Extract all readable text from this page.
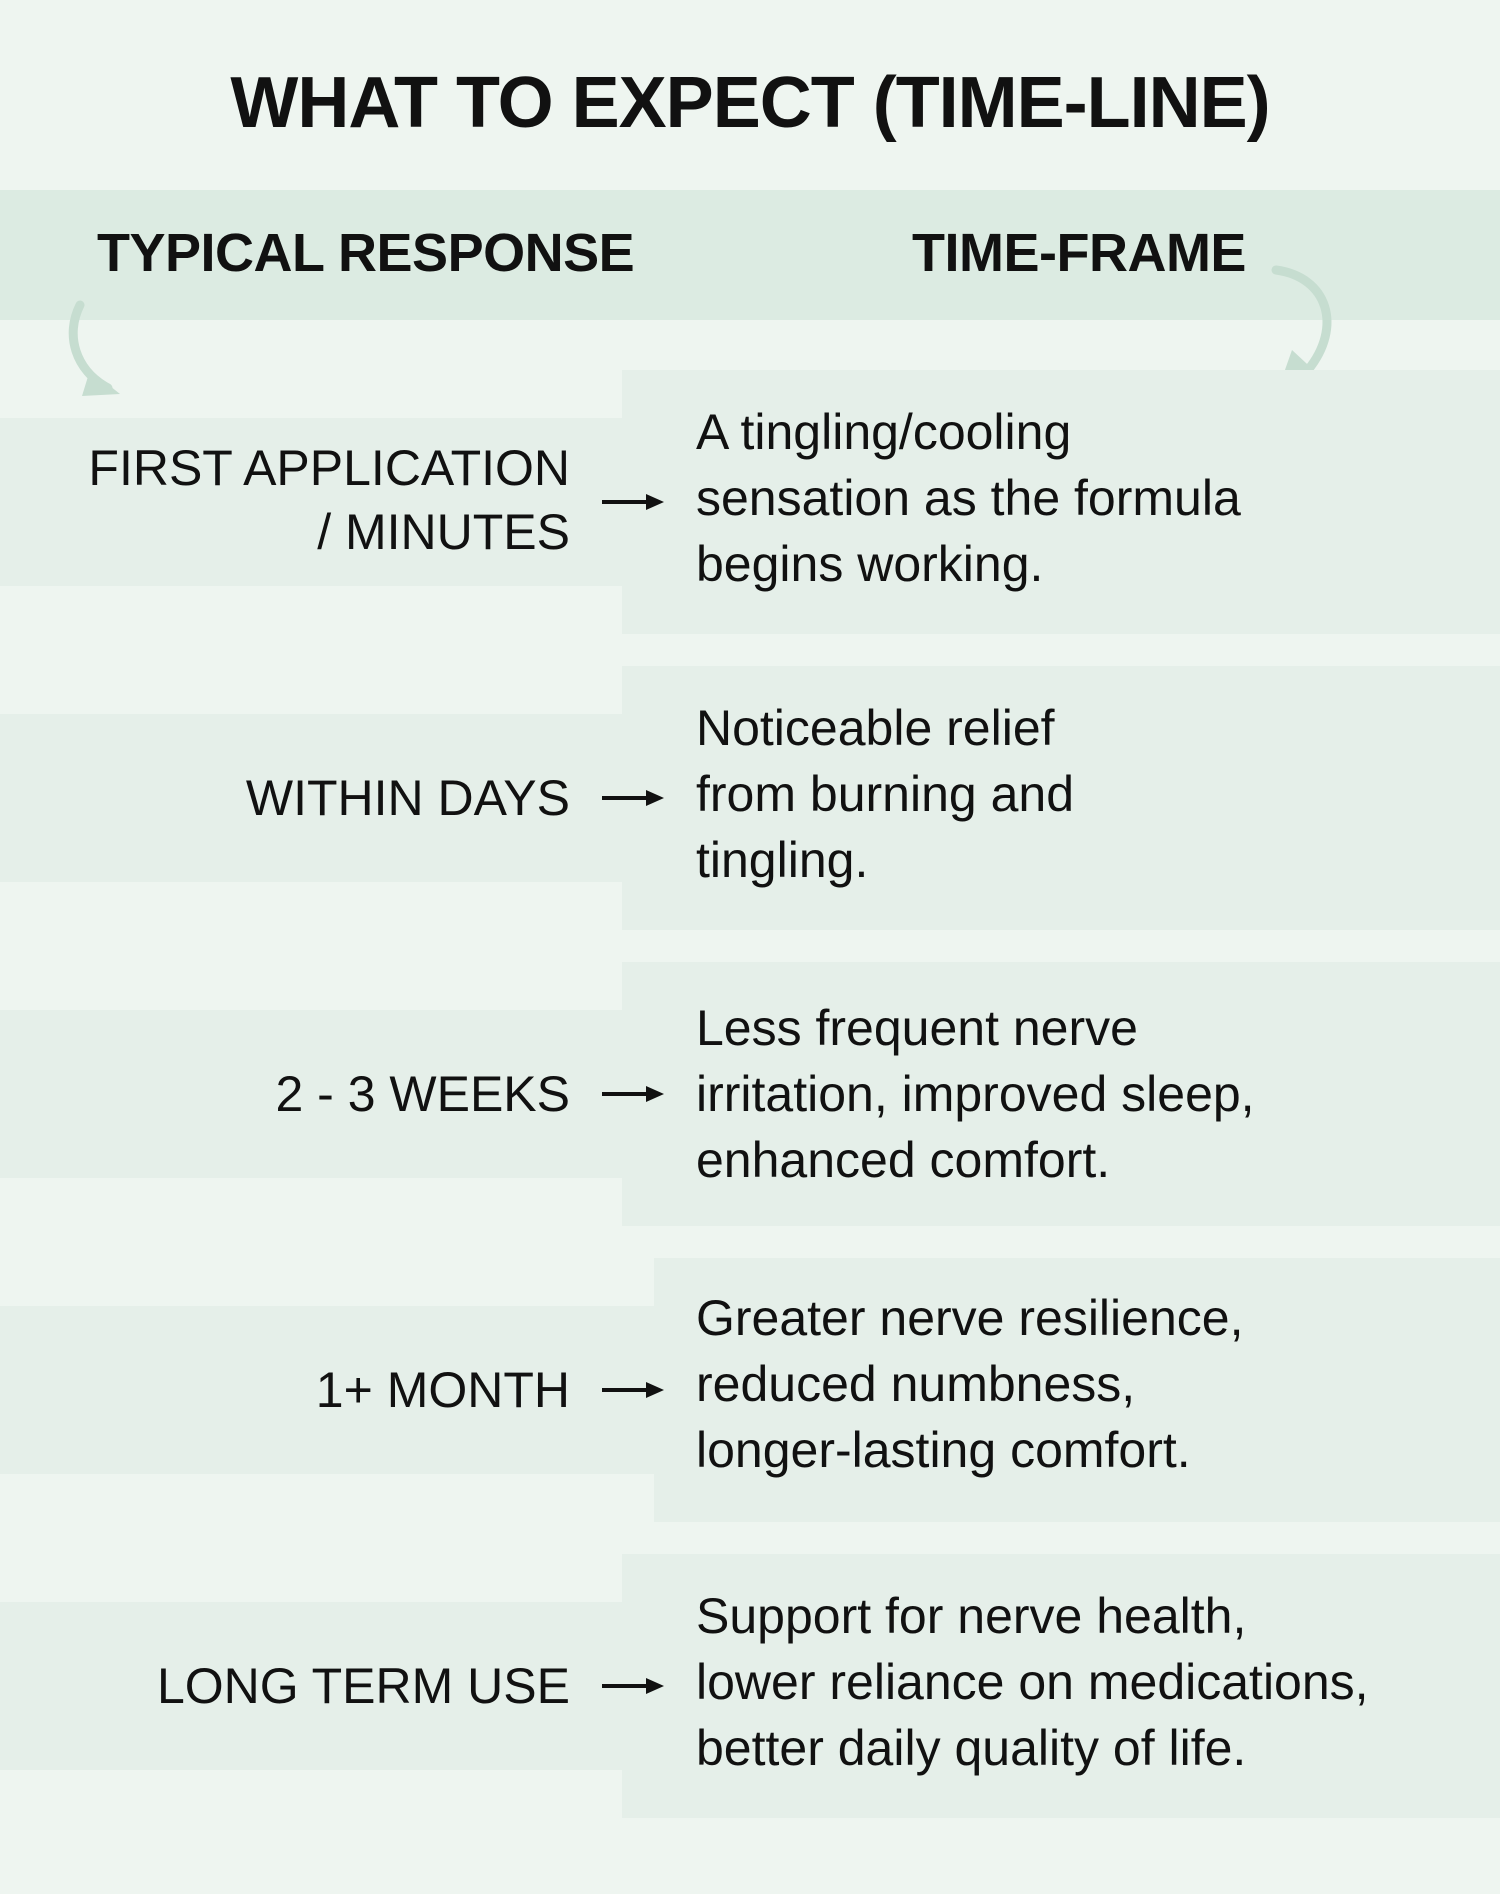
WHAT TO EXPECT (TIME-LINE)
TYPICAL RESPONSE	TIME-FRAME
FIRST APPLICATION
/ MINUTES
A tingling/cooling
sensation as the formula
begins working.
WITHIN DAYS
Noticeable relief
from burning and
tingling.
2 - 3 WEEKS
Less frequent nerve
irritation, improved sleep,
enhanced comfort.
1+ MONTH
Greater nerve resilience,
reduced numbness,
longer-lasting comfort.
LONG TERM USE
Support for nerve health,
lower reliance on medications,
better daily quality of life.
